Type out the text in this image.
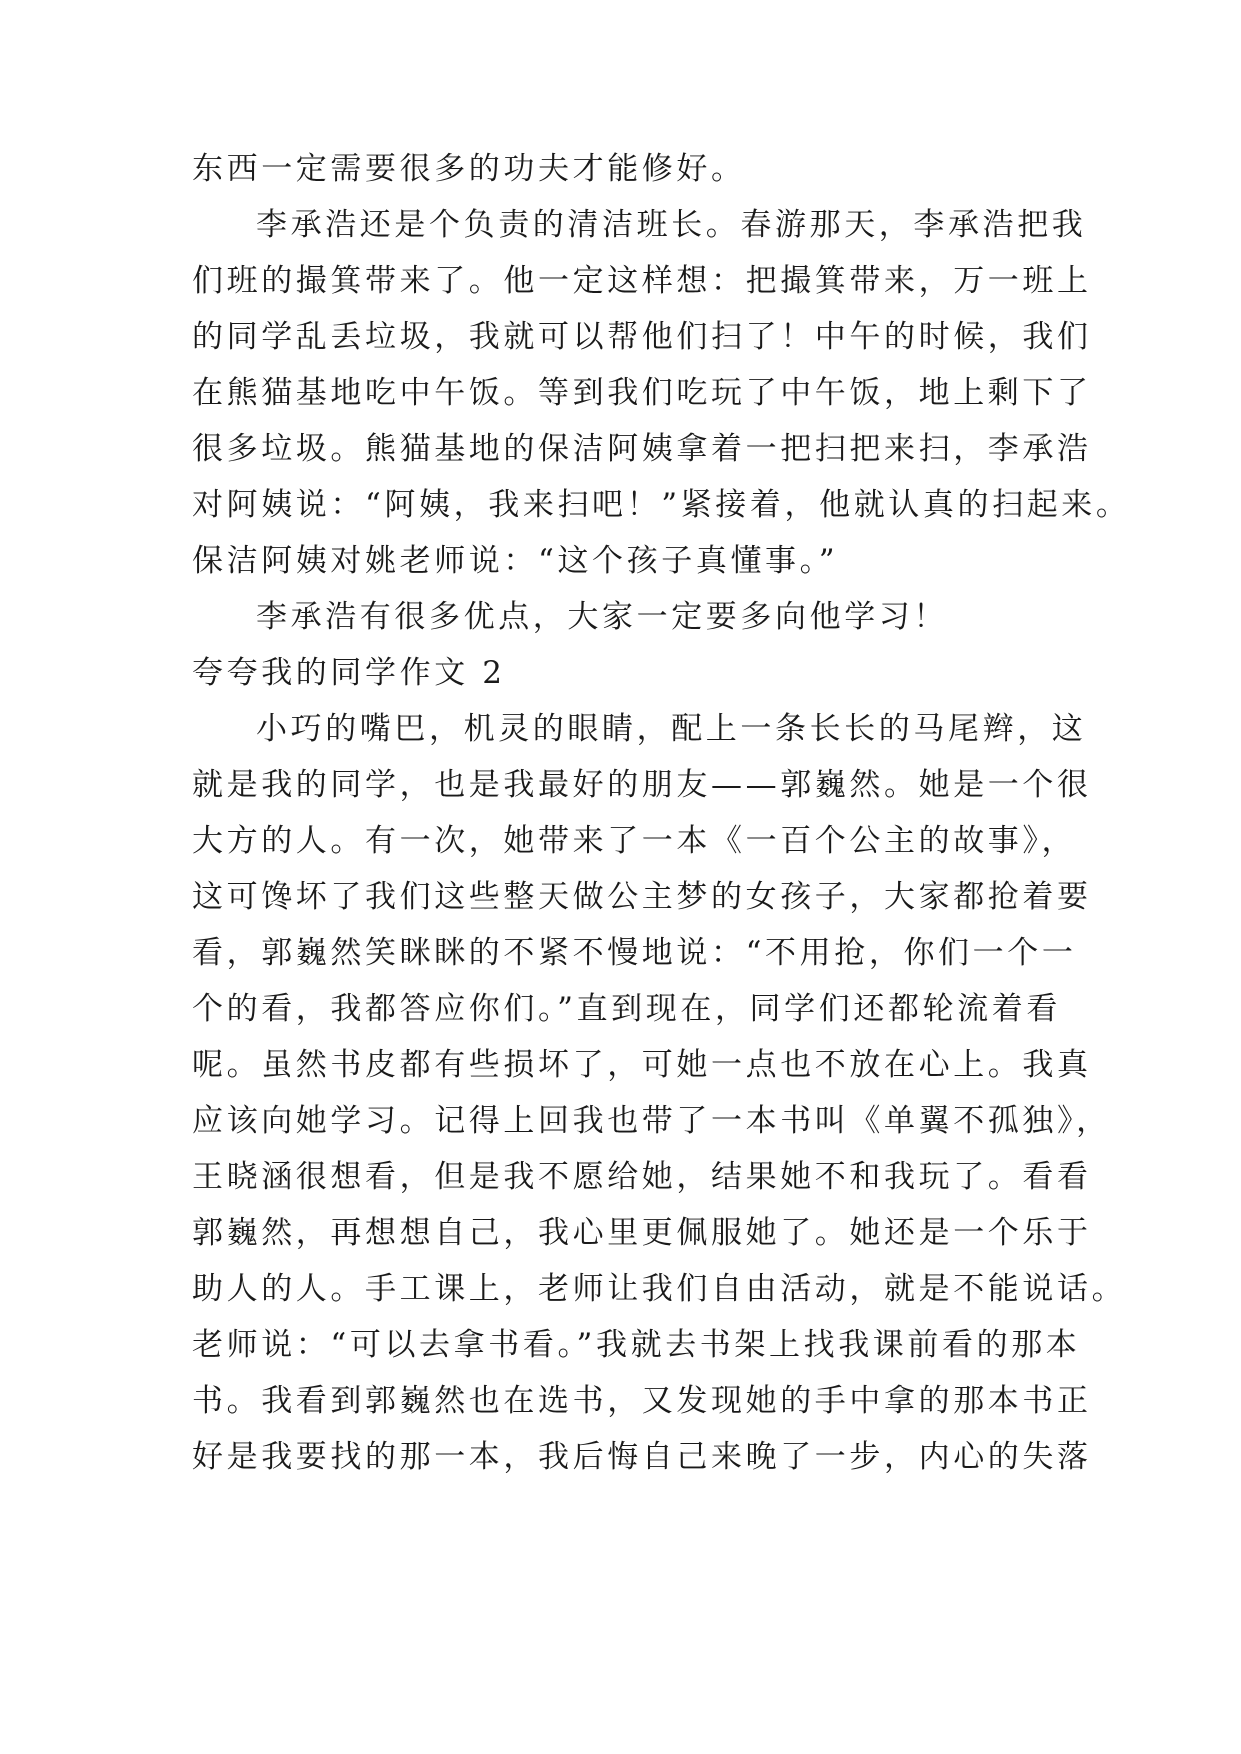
东西一定需要很多的功夫才能修好。
李承浩还是个负责的清洁班长。春游那天，李承浩把我
们班的撮箕带来了。他一定这样想：把撮箕带来，万一班上
的同学乱丢垃圾，我就可以帮他们扫了！中午的时候，我们
在熊猫基地吃中午饭。等到我们吃玩了中午饭，地上剩下了
很多垃圾。熊猫基地的保洁阿姨拿着一把扫把来扫，李承浩
对阿姨说：“阿姨，我来扫吧！”紧接着，他就认真的扫起来。
保洁阿姨对姚老师说：“这个孩子真懂事。”
李承浩有很多优点，大家一定要多向他学习！
夸夸我的同学作文 2
小巧的嘴巴，机灵的眼睛，配上一条长长的马尾辫，这
就是我的同学，也是我最好的朋友——郭巍然。她是一个很
大方的人。有一次，她带来了一本《一百个公主的故事》，
这可馋坏了我们这些整天做公主梦的女孩子，大家都抢着要
看，郭巍然笑眯眯的不紧不慢地说：“不用抢，你们一个一
个的看，我都答应你们。”直到现在，同学们还都轮流着看
呢。虽然书皮都有些损坏了，可她一点也不放在心上。我真
应该向她学习。记得上回我也带了一本书叫《单翼不孤独》，
王晓涵很想看，但是我不愿给她，结果她不和我玩了。看看
郭巍然，再想想自己，我心里更佩服她了。她还是一个乐于
助人的人。手工课上，老师让我们自由活动，就是不能说话。
老师说：“可以去拿书看。”我就去书架上找我课前看的那本
书。我看到郭巍然也在选书，又发现她的手中拿的那本书正
好是我要找的那一本，我后悔自己来晚了一步，内心的失落
